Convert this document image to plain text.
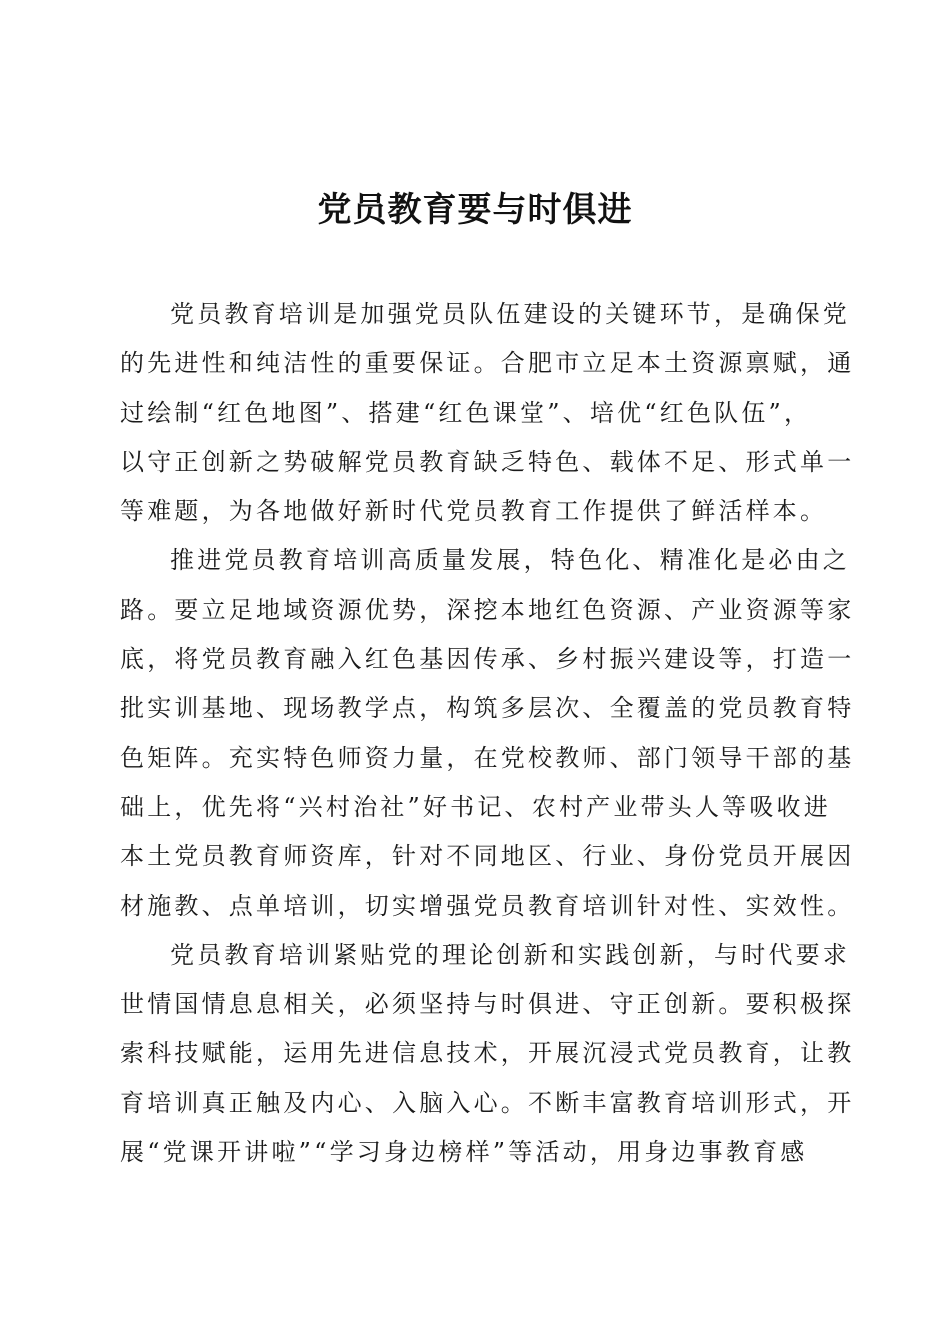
党员教育要与时俱进
党员教育培训是加强党员队伍建设的关键环节，是确保党
的先进性和纯洁性的重要保证。合肥市立足本土资源禀赋，通
过绘制“红色地图”、搭建“红色课堂”、培优“红色队伍”，
以守正创新之势破解党员教育缺乏特色、载体不足、形式单一
等难题，为各地做好新时代党员教育工作提供了鲜活样本。
推进党员教育培训高质量发展，特色化、精准化是必由之
路。要立足地域资源优势，深挖本地红色资源、产业资源等家
底，将党员教育融入红色基因传承、乡村振兴建设等，打造一
批实训基地、现场教学点，构筑多层次、全覆盖的党员教育特
色矩阵。充实特色师资力量，在党校教师、部门领导干部的基
础上，优先将“兴村治社”好书记、农村产业带头人等吸收进
本土党员教育师资库，针对不同地区、行业、身份党员开展因
材施教、点单培训，切实增强党员教育培训针对性、实效性。
党员教育培训紧贴党的理论创新和实践创新，与时代要求
世情国情息息相关，必须坚持与时俱进、守正创新。要积极探
索科技赋能，运用先进信息技术，开展沉浸式党员教育，让教
育培训真正触及内心、入脑入心。不断丰富教育培训形式，开
展“党课开讲啦”“学习身边榜样”等活动，用身边事教育感
